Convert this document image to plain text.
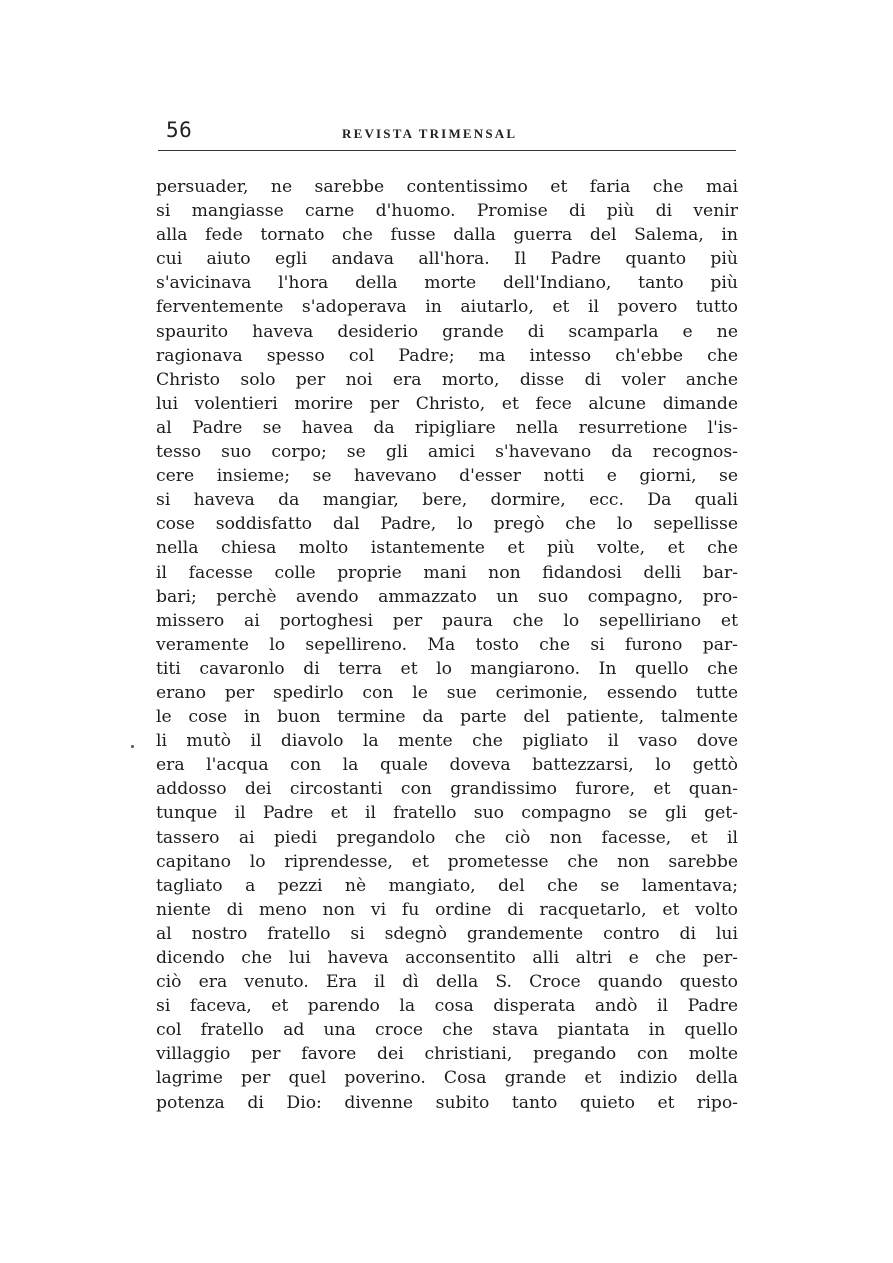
56	REVISTA TRIMENSAL
persuader, ne sarebbe contentissimo et faria che mai
si mangiasse carne d'huomo. Promise di più di venir
alla fede tornato che fusse dalla guerra del Salema, in
cui aiuto egli andava all'hora. Il Padre quanto più
s'avicinava l'hora della morte dell'Indiano, tanto più
ferventemente s'adoperava in aiutarlo, et il povero tutto
spaurito haveva desiderio grande di scamparla e ne
ragionava spesso col Padre; ma intesso ch'ebbe che
Christo solo per noi era morto, disse di voler anche
lui volentieri morire per Christo, et fece alcune dimande
al Padre se havea da ripigliare nella resurretione l'is-
tesso suo corpo; se gli amici s'havevano da recognos-
cere insieme; se havevano d'esser notti e giorni, se
si haveva da mangiar, bere, dormire, ecc. Da quali
cose soddisfatto dal Padre, lo pregò che lo sepellisse
nella chiesa molto istantemente et più volte, et che
il facesse colle proprie mani non fidandosi delli bar-
bari; perchè avendo ammazzato un suo compagno, pro-
missero ai portoghesi per paura che lo sepelliriano et
veramente lo sepellireno. Ma tosto che si furono par-
titi cavaronlo di terra et lo mangiarono. In quello che
erano per spedirlo con le sue cerimonie, essendo tutte
le cose in buon termine da parte del patiente, talmente
li mutò il diavolo la mente che pigliato il vaso dove
era l'acqua con la quale doveva battezzarsi, lo gettò
addosso dei circostanti con grandissimo furore, et quan-
tunque il Padre et il fratello suo compagno se gli get-
tassero ai piedi pregandolo che ciò non facesse, et il
capitano lo riprendesse, et prometesse che non sarebbe
tagliato a pezzi nè mangiato, del che se lamentava;
niente di meno non vi fu ordine di racquetarlo, et volto
al nostro fratello si sdegnò grandemente contro di lui
dicendo che lui haveva acconsentito alli altri e che per-
ciò era venuto. Era il dì della S. Croce quando questo
si faceva, et parendo la cosa disperata andò il Padre
col fratello ad una croce che stava piantata in quello
villaggio per favore dei christiani, pregando con molte
lagrime per quel poverino. Cosa grande et indizio della
potenza di Dio: divenne subito tanto quieto et ripo-
